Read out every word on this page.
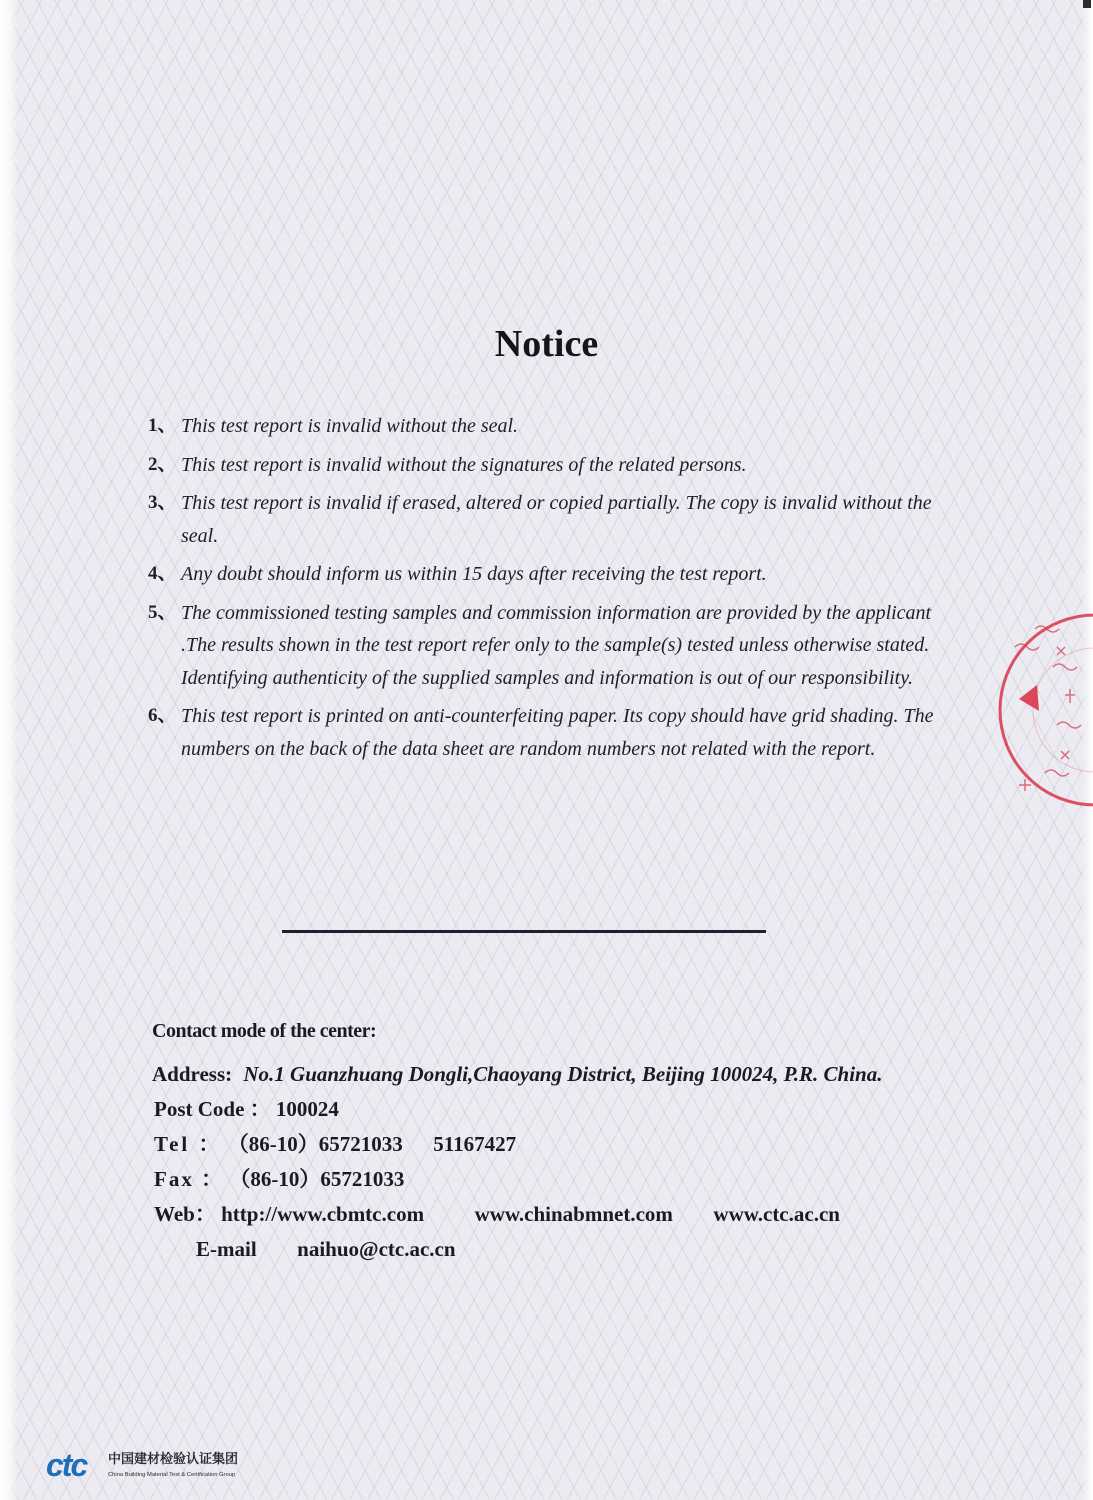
Notice
1、 This test report is invalid without the seal.
2、 This test report is invalid without the signatures of the related persons.
3、 This test report is invalid if erased, altered or copied partially. The copy is invalid without the seal.
4、 Any doubt should inform us within 15 days after receiving the test report.
5、 The commissioned testing samples and commission information are provided by the applicant .The results shown in the test report refer only to the sample(s) tested unless otherwise stated. Identifying authenticity of the supplied samples and information is out of our responsibility.
6、 This test report is printed on anti-counterfeiting paper. Its copy should have grid shading. The numbers on the back of the data sheet are random numbers not related with the report.
Contact mode of the center:
Address: No.1 Guanzhuang Dongli,Chaoyang District, Beijing 100024, P.R. China.
Post Code ： 100024
Tel ： （86-10）65721033 51167427
Fax ： （86-10）65721033
Web： http://www.cbmtc.com www.chinabmnet.com www.ctc.ac.cn
E-mail naihuo@ctc.ac.cn
ctc 中国建材检验认证集团
China Building Material Test & Certification Group
